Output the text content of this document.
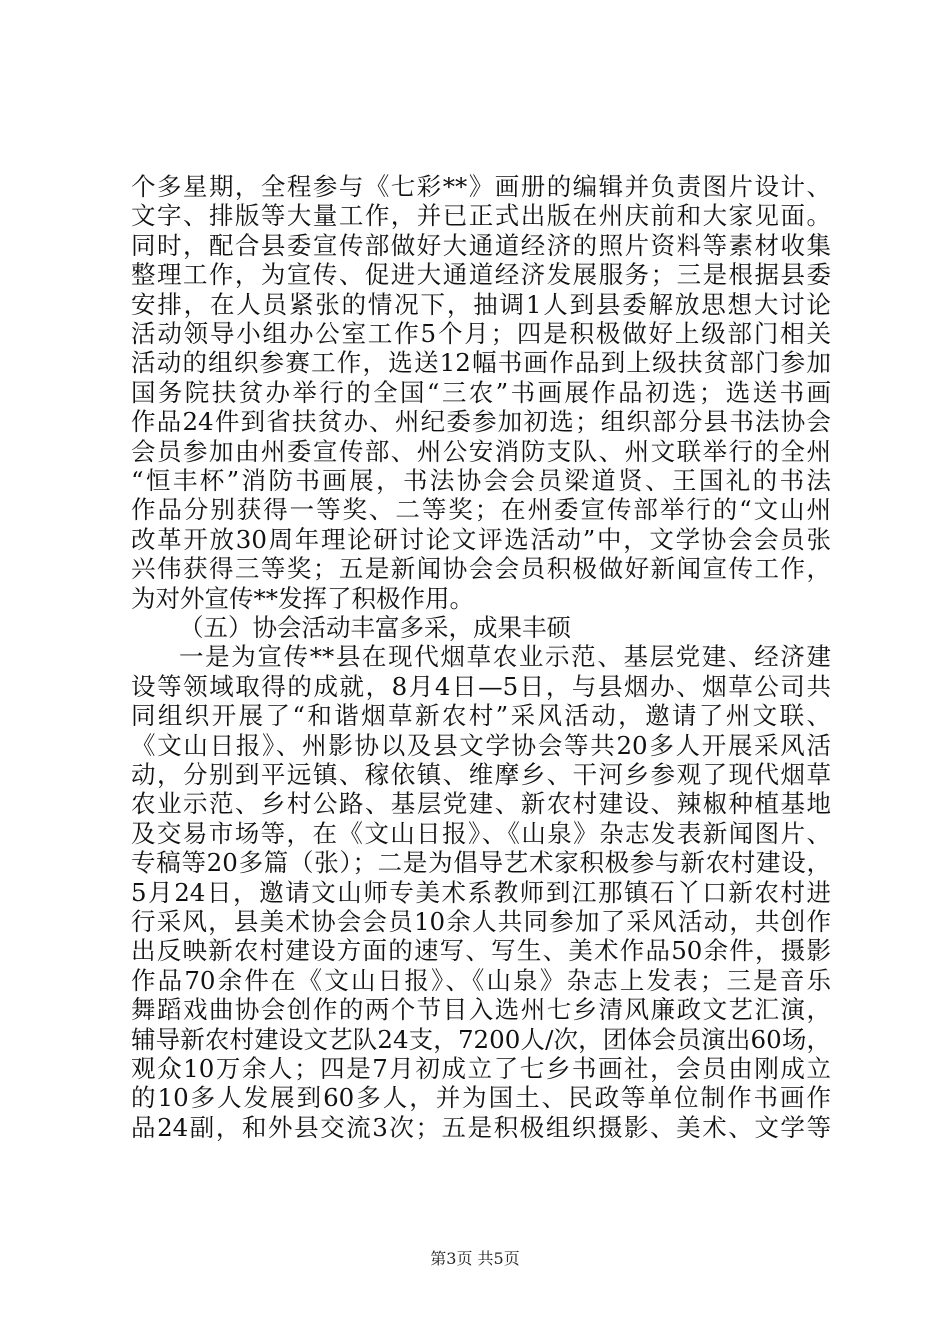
个多星期，全程参与《七彩**》画册的编辑并负责图片设计、
文字、排版等大量工作，并已正式出版在州庆前和大家见面。
同时，配合县委宣传部做好大通道经济的照片资料等素材收集
整理工作，为宣传、促进大通道经济发展服务；三是根据县委
安排，在人员紧张的情况下，抽调1人到县委解放思想大讨论
活动领导小组办公室工作5个月；四是积极做好上级部门相关
活动的组织参赛工作，选送12幅书画作品到上级扶贫部门参加
国务院扶贫办举行的全国“三农”书画展作品初选；选送书画
作品24件到省扶贫办、州纪委参加初选；组织部分县书法协会
会员参加由州委宣传部、州公安消防支队、州文联举行的全州
“恒丰杯”消防书画展，书法协会会员梁道贤、王国礼的书法
作品分别获得一等奖、二等奖；在州委宣传部举行的“文山州
改革开放30周年理论研讨论文评选活动”中，文学协会会员张
兴伟获得三等奖；五是新闻协会会员积极做好新闻宣传工作，
为对外宣传**发挥了积极作用。
（五）协会活动丰富多采，成果丰硕
一是为宣传**县在现代烟草农业示范、基层党建、经济建
设等领域取得的成就，8月4日—5日，与县烟办、烟草公司共
同组织开展了“和谐烟草新农村”采风活动，邀请了州文联、
《文山日报》、州影协以及县文学协会等共20多人开展采风活
动，分别到平远镇、稼依镇、维摩乡、干河乡参观了现代烟草
农业示范、乡村公路、基层党建、新农村建设、辣椒种植基地
及交易市场等，在《文山日报》、《山泉》杂志发表新闻图片、
专稿等20多篇（张）；二是为倡导艺术家积极参与新农村建设，
5月24日，邀请文山师专美术系教师到江那镇石丫口新农村进
行采风，县美术协会会员10余人共同参加了采风活动，共创作
出反映新农村建设方面的速写、写生、美术作品50余件，摄影
作品70余件在《文山日报》、《山泉》杂志上发表；三是音乐
舞蹈戏曲协会创作的两个节目入选州七乡清风廉政文艺汇演，
辅导新农村建设文艺队24支，7200人/次，团体会员演出60场，
观众10万余人；四是7月初成立了七乡书画社，会员由刚成立
的10多人发展到60多人，并为国土、民政等单位制作书画作
品24副，和外县交流3次；五是积极组织摄影、美术、文学等
第3页 共5页
